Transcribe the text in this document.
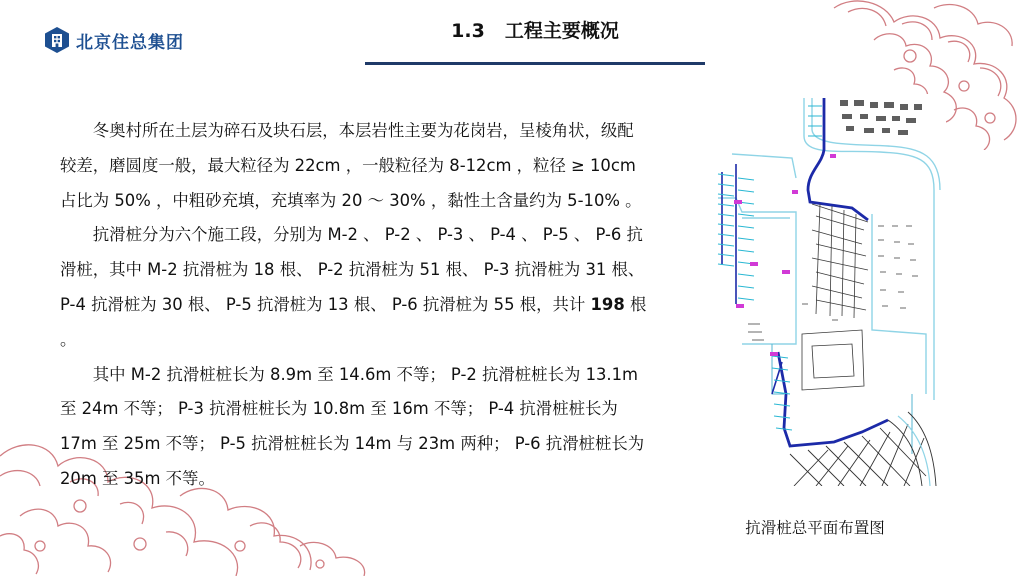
北京住总集团
1.3 工程主要概况

冬奥村所在土层为碎石及块石层，本层岩性主要为花岗岩，呈棱角状，级配较差，磨圆度一般，最大粒径为 22cm ，一般粒径为 8-12cm ，粒径 ≥ 10cm 占比为 50% ，中粗砂充填，充填率为 20 ～ 30% ，黏性土含量约为 5-10% 。

抗滑桩分为六个施工段，分别为 M-2 、 P-2 、 P-3 、 P-4 、 P-5 、 P-6 抗滑桩，其中 M-2 抗滑桩为 18 根、 P-2 抗滑桩为 51 根、 P-3 抗滑桩为 31 根、 P-4 抗滑桩为 30 根、 P-5 抗滑桩为 13 根、 P-6 抗滑桩为 55 根，共计 198 根 。

其中 M-2 抗滑桩桩长为 8.9m 至 14.6m 不等； P-2 抗滑桩桩长为 13.1m 至 24m 不等； P-3 抗滑桩桩长为 10.8m 至 16m 不等； P-4 抗滑桩桩长为 17m 至 25m 不等； P-5 抗滑桩桩长为 14m 与 23m 两种； P-6 抗滑桩桩长为 20m 至 35m 不等。

抗滑桩总平面布置图
